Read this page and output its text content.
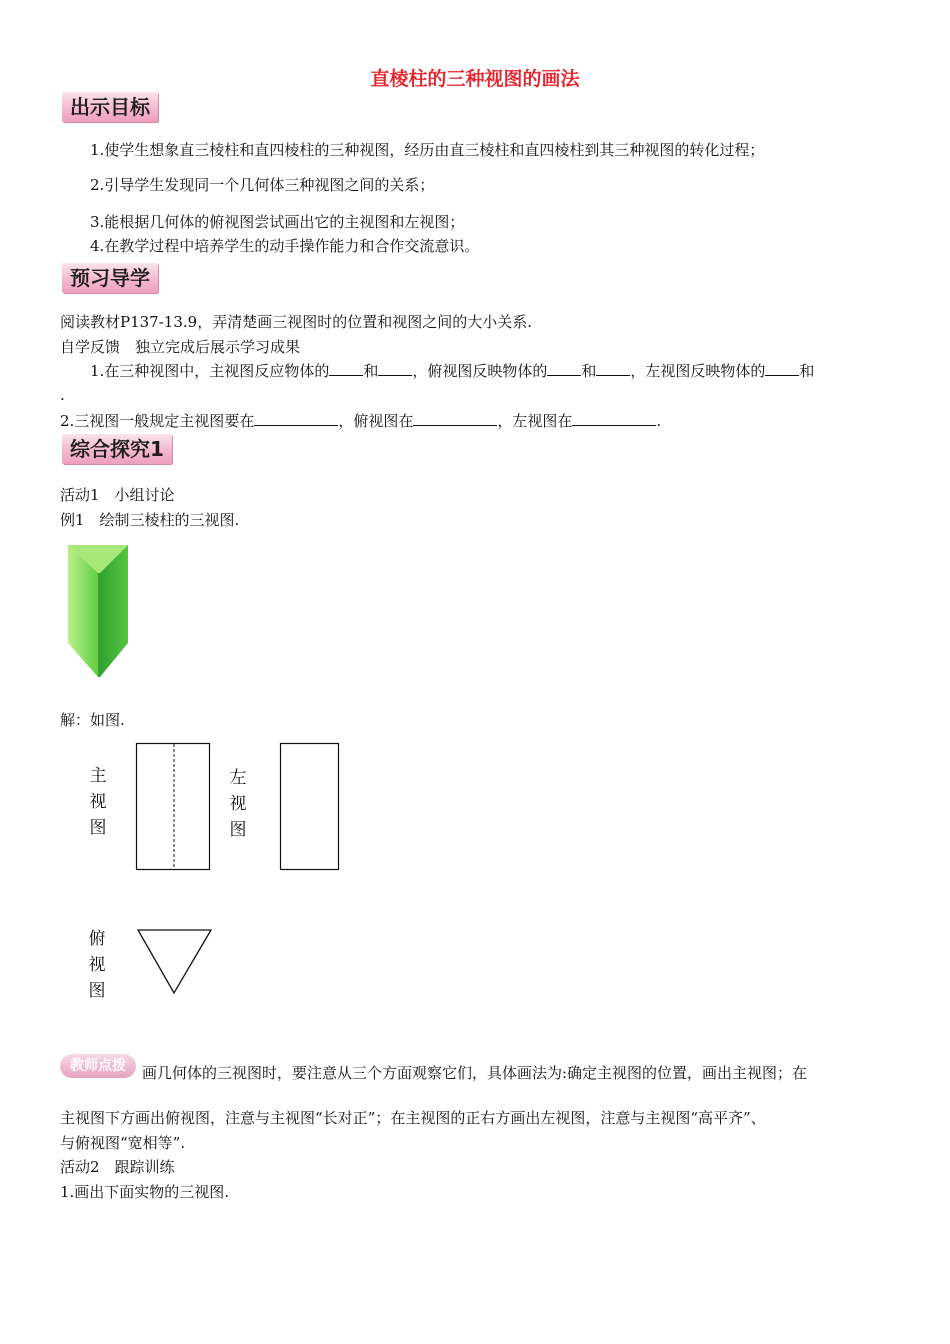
直棱柱的三种视图的画法
出示目标
1.使学生想象直三棱柱和直四棱柱的三种视图，经历由直三棱柱和直四棱柱到其三种视图的转化过程；
2.引导学生发现同一个几何体三种视图之间的关系；
3.能根据几何体的俯视图尝试画出它的主视图和左视图；
4.在教学过程中培养学生的动手操作能力和合作交流意识。
预习导学
阅读教材P137-13.9，弄清楚画三视图时的位置和视图之间的大小关系.
自学反馈　独立完成后展示学习成果
1.在三种视图中，主视图反应物体的 和 ，俯视图反映物体的 和 ，左视图反映物体的 和
.
2.三视图一般规定主视图要在	，俯视图在	，左视图在	.
综合探究1
活动1　小组讨论
例1　绘制三棱柱的三视图.
解：如图.
主
视
图
左
视
图
俯
视
图
教师点拨	画几何体的三视图时，要注意从三个方面观察它们，具体画法为:确定主视图的位置，画出主视图；在
主视图下方画出俯视图，注意与主视图“长对正”；在主视图的正右方画出左视图，注意与主视图“高平齐”、
与俯视图“宽相等”.
活动2　跟踪训练
1.画出下面实物的三视图.
